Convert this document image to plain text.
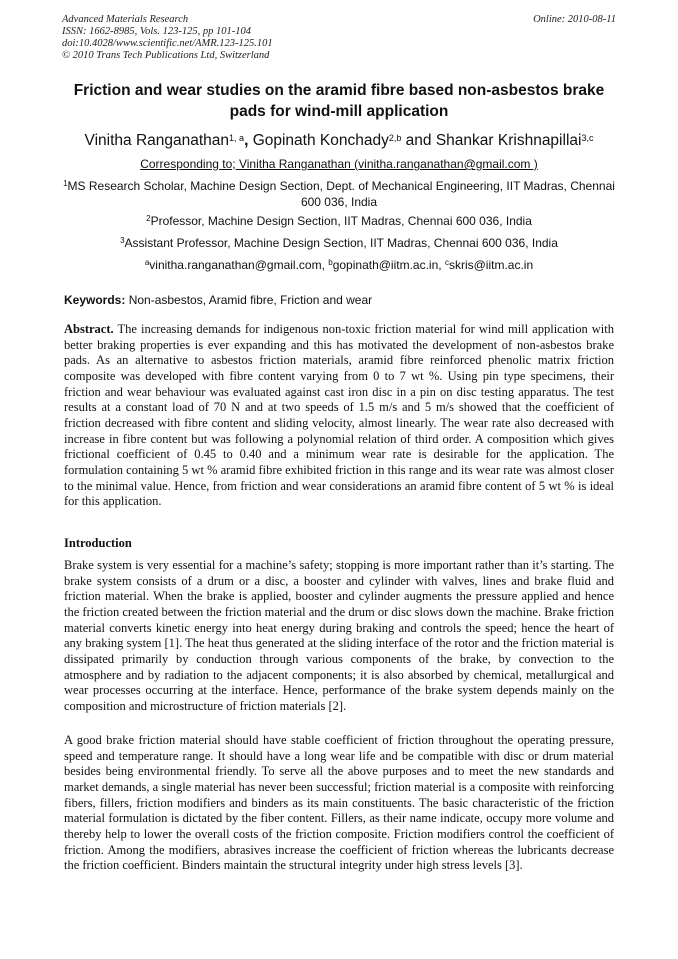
Advanced Materials Research
ISSN: 1662-8985, Vols. 123-125, pp 101-104
doi:10.4028/www.scientific.net/AMR.123-125.101
© 2010 Trans Tech Publications Ltd, Switzerland
Online: 2010-08-11
Friction and wear studies on the aramid fibre based non-asbestos brake pads for wind-mill application
Vinitha Ranganathan$^{1, a}$, Gopinath Konchady$^{2,b}$ and Shankar Krishnapillai$^{3,c}$
Corresponding to; Vinitha Ranganathan (vinitha.ranganathan@gmail.com )
$^1$MS Research Scholar, Machine Design Section, Dept. of Mechanical Engineering, IIT Madras, Chennai 600 036, India
$^2$Professor, Machine Design Section, IIT Madras, Chennai 600 036, India
$^3$Assistant Professor, Machine Design Section, IIT Madras, Chennai 600 036, India
$^a$vinitha.ranganathan@gmail.com, $^b$gopinath@iitm.ac.in, $^c$skris@iitm.ac.in
Keywords: Non-asbestos, Aramid fibre, Friction and wear
Abstract. The increasing demands for indigenous non-toxic friction material for wind mill application with better braking properties is ever expanding and this has motivated the development of non-asbestos brake pads. As an alternative to asbestos friction materials, aramid fibre reinforced phenolic matrix friction composite was developed with fibre content varying from 0 to 7 wt %. Using pin type specimens, their friction and wear behaviour was evaluated against cast iron disc in a pin on disc testing apparatus. The test results at a constant load of 70 N and at two speeds of 1.5 m/s and 5 m/s showed that the coefficient of friction decreased with fibre content and sliding velocity, almost linearly. The wear rate also decreased with increase in fibre content but was following a polynomial relation of third order. A composition which gives frictional coefficient of 0.45 to 0.40 and a minimum wear rate is desirable for the application. The formulation containing 5 wt % aramid fibre exhibited friction in this range and its wear rate was almost closer to the minimal value. Hence, from friction and wear considerations an aramid fibre content of 5 wt % is ideal for this application.
Introduction
Brake system is very essential for a machine’s safety; stopping is more important rather than it’s starting. The brake system consists of a drum or a disc, a booster and cylinder with valves, lines and brake fluid and friction material. When the brake is applied, booster and cylinder augments the pressure applied and hence the friction created between the friction material and the drum or disc slows down the machine. Brake friction material converts kinetic energy into heat energy during braking and controls the speed; hence the heart of any braking system [1]. The heat thus generated at the sliding interface of the rotor and the friction material is dissipated primarily by conduction through various components of the brake, by convection to the atmosphere and by radiation to the adjacent components; it is also absorbed by chemical, metallurgical and wear processes occurring at the interface. Hence, performance of the brake system depends mainly on the composition and microstructure of friction materials [2].
A good brake friction material should have stable coefficient of friction throughout the operating pressure, speed and temperature range. It should have a long wear life and be compatible with disc or drum material besides being environmental friendly. To serve all the above purposes and to meet the new standards and market demands, a single material has never been successful; friction material is a composite with reinforcing fibers, fillers, friction modifiers and binders as its main constituents. The basic characteristic of the friction material formulation is dictated by the fiber content. Fillers, as their name indicate, occupy more volume and thereby help to lower the overall costs of the friction composite. Friction modifiers control the coefficient of friction. Among the modifiers, abrasives increase the coefficient of friction whereas the lubricants decrease the friction coefficient. Binders maintain the structural integrity under high stress levels [3].
